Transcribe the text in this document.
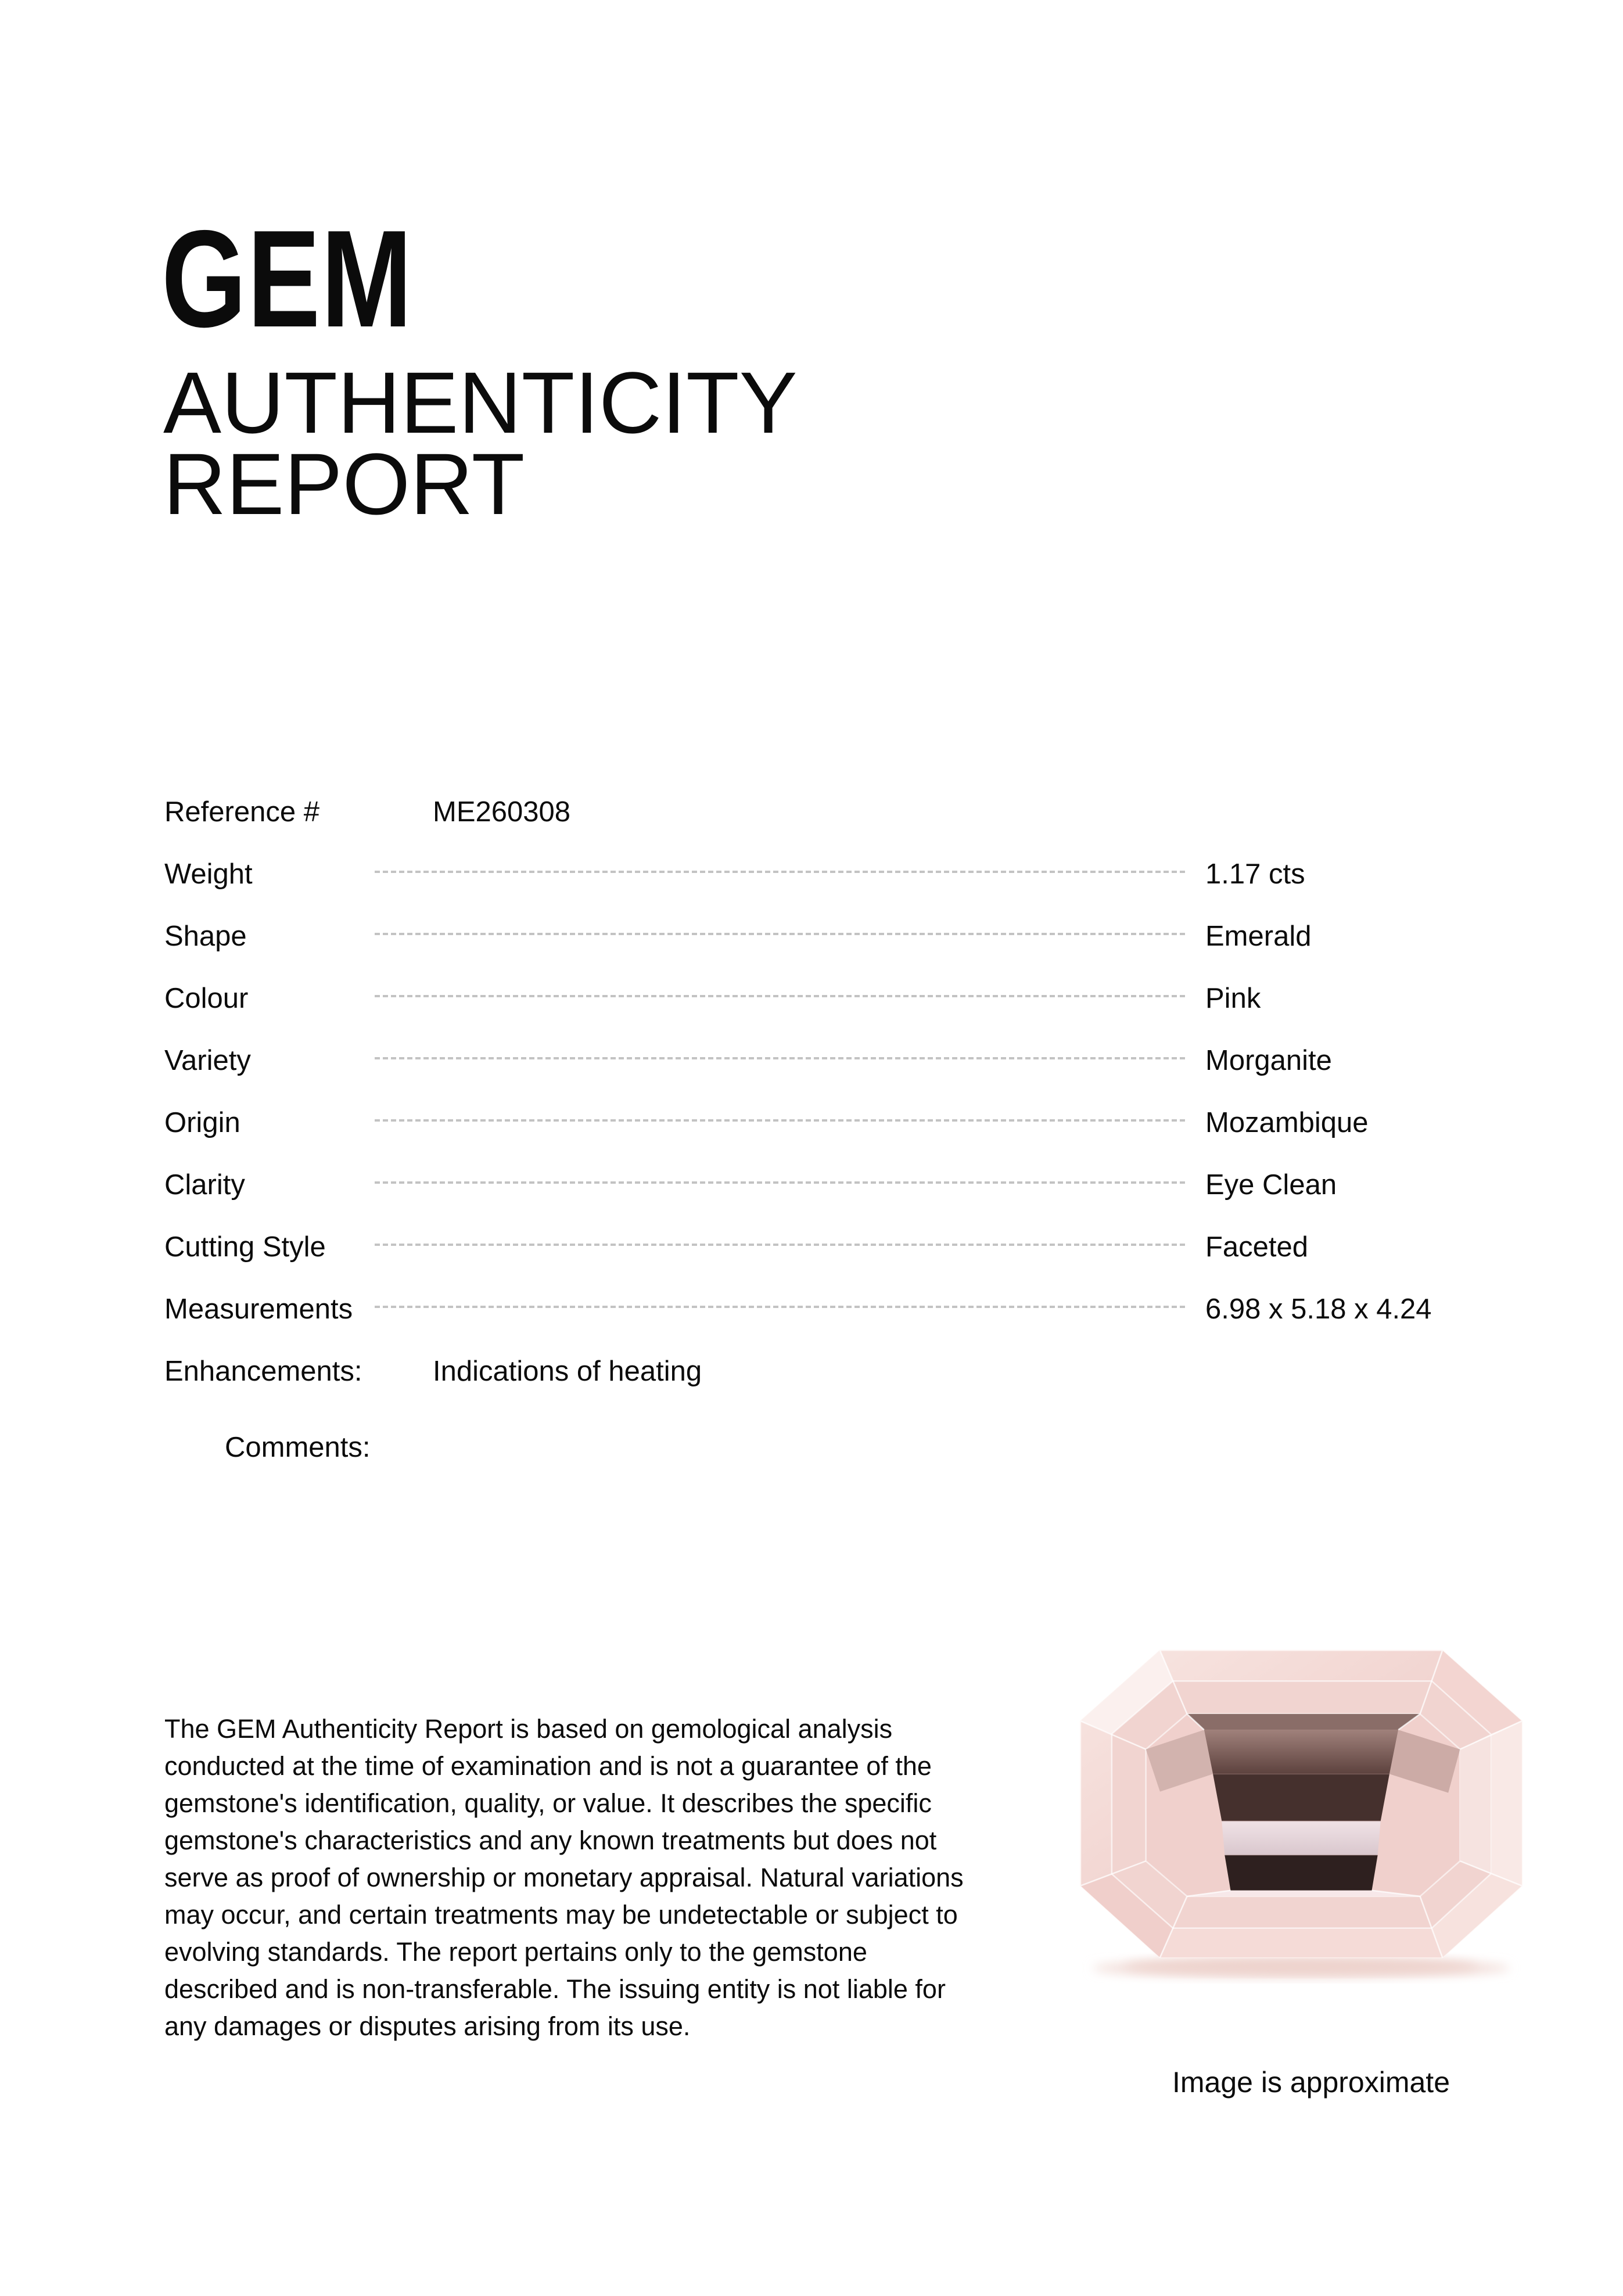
GEM
AUTHENTICITY
REPORT
Reference #	ME260308
Weight	1.17 cts
Shape	Emerald
Colour	Pink
Variety	Morganite
Origin	Mozambique
Clarity	Eye Clean
Cutting Style	Faceted
Measurements	6.98 x 5.18 x 4.24
Enhancements:	Indications of heating
Comments:

The GEM Authenticity Report is based on gemological analysis conducted at the time of examination and is not a guarantee of the gemstone's identification, quality, or value. It describes the specific gemstone's characteristics and any known treatments but does not serve as proof of ownership or monetary appraisal. Natural variations may occur, and certain treatments may be undetectable or subject to evolving standards. The report pertains only to the gemstone described and is non-transferable. The issuing entity is not liable for any damages or disputes arising from its use.

Image is approximate
